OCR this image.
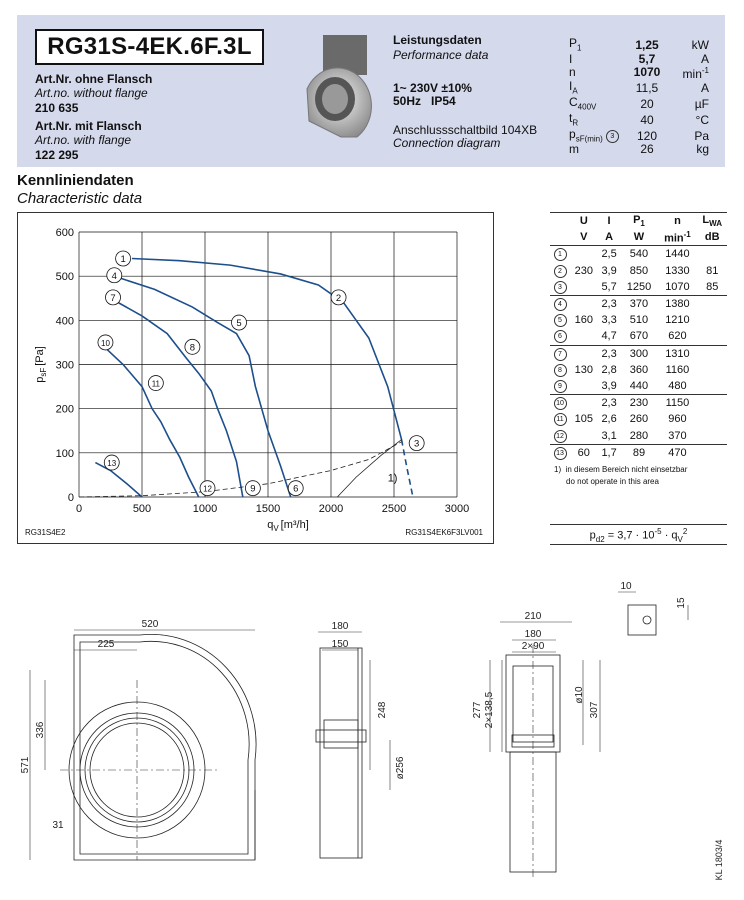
RG31S-4EK.6F.3L
Art.Nr. ohne Flansch
Art.no. without flange
210 635
Art.Nr. mit Flansch
Art.no. with flange
122 295
Leistungsdaten
Performance data
1~ 230V ±10%
50Hz IP54
Anschlussschaltbild 104XB
Connection diagram
$P_1$	1,25	kW
I	5,7	A
n	1070	$\min^{-1}$
$I_A$	11,5	A
$C_{400V}$	20	µF
$t_R$	40	°C
$p_{sF(min)}$ 3	120	Pa
m	26	kg
Kennliniendaten
Characteristic data
0	500	1000	1500	2000	2500	3000
0
100
200
300
400
500
600
$q_V$ [m³/h]
$p_{sF}[Pa]$
1)
1
2
3
4
5
6
7
8
9
10
11
12
13
RG31S4E2	RG31S4EK6F3LV001
	U	I	$P_1$	n	$L_{WA}$
	V	A	W	$\min^{-1}$	dB
1		2,5	540	1440	
2	230	3,9	850	1330	81
3		5,7	1250	1070	85
4		2,3	370	1380	
5	160	3,3	510	1210	
6		4,7	670	620	
7		2,3	300	1310	
8	130	2,8	360	1160	
9		3,9	440	480	
10		2,3	230	1150	
11	105	2,6	260	960	
12		3,1	280	370	
13	60	1,7	89	470	
1) in diesem Bereich nicht einsetzbar
do not operate in this area
$p_{d2} = 3,7 \cdot 10^{-5} \cdot q_V^2$
520
225
336
571
31
180
150
248
ø256
210
180
2×90
ø10
277 2×138,5	307
10
15
KL 1803/4
